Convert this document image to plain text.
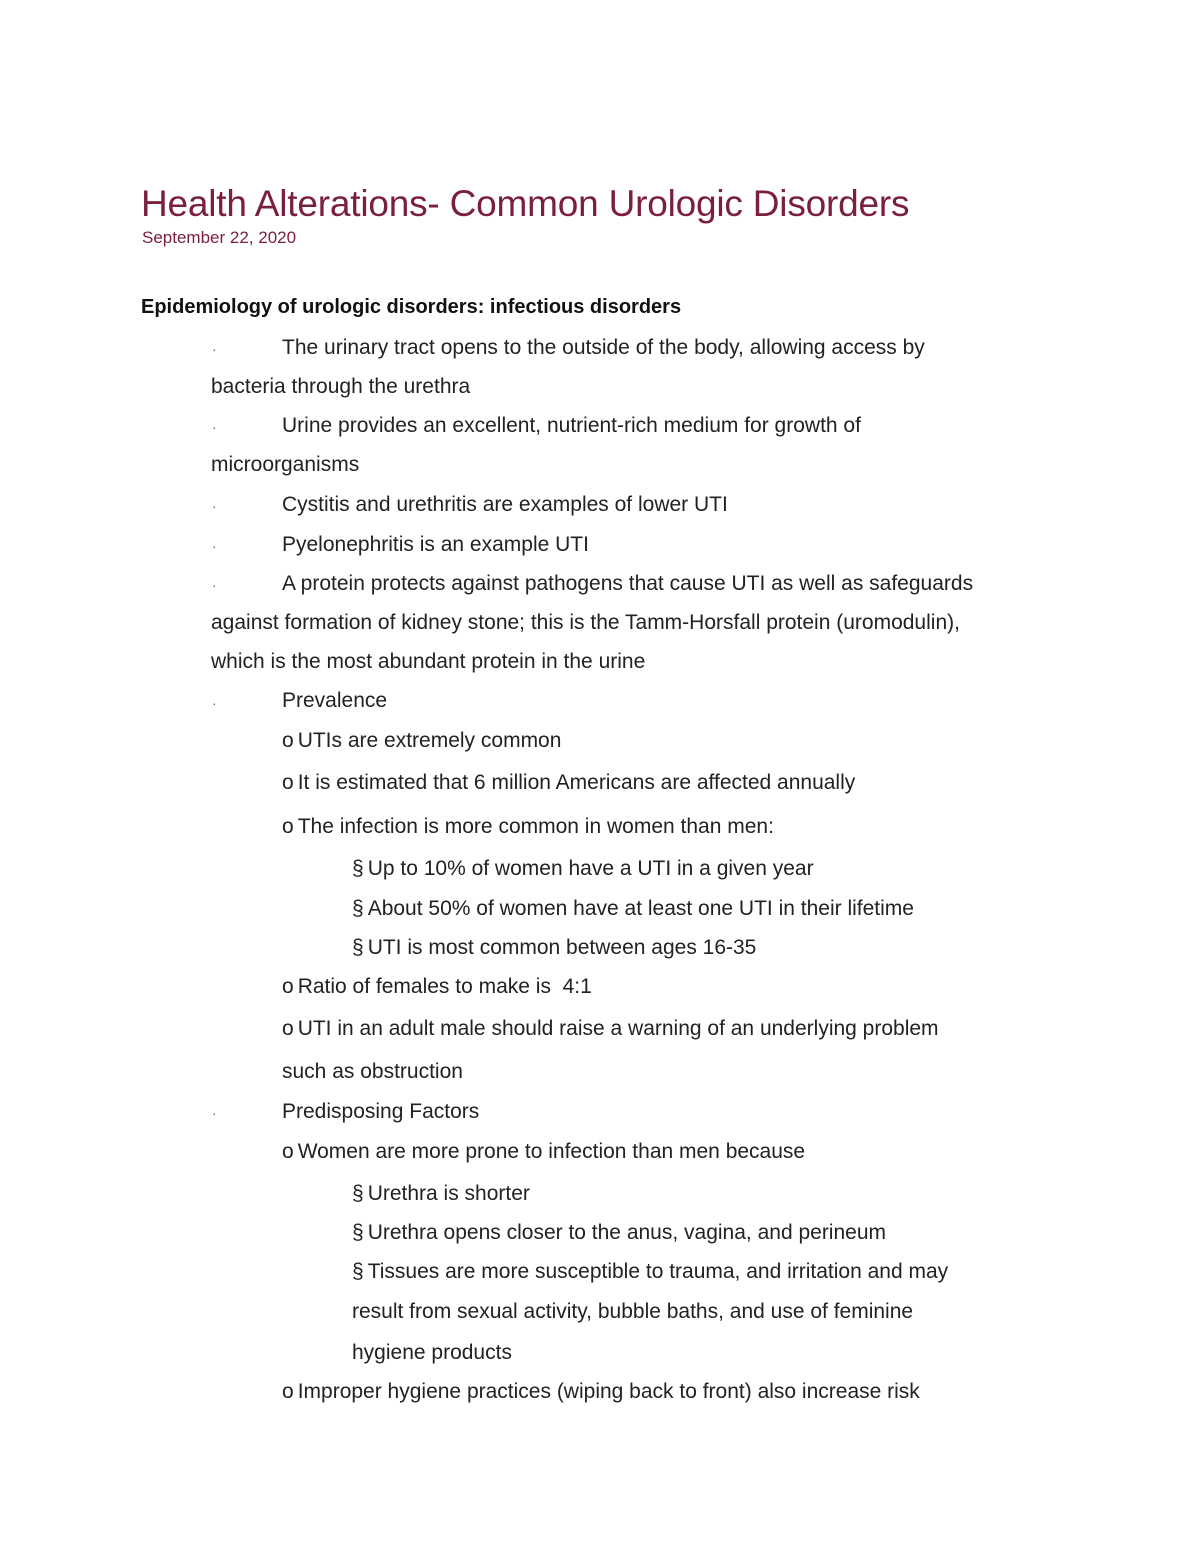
Health Alterations- Common Urologic Disorders
September 22, 2020
Epidemiology of urologic disorders: infectious disorders
·	The urinary tract opens to the outside of the body, allowing access by
bacteria through the urethra
·	Urine provides an excellent, nutrient-rich medium for growth of
microorganisms
·	Cystitis and urethritis are examples of lower UTI
·	Pyelonephritis is an example UTI
·	A protein protects against pathogens that cause UTI as well as safeguards
against formation of kidney stone; this is the Tamm-Horsfall protein (uromodulin),
which is the most abundant protein in the urine
·	Prevalence
o UTIs are extremely common
o It is estimated that 6 million Americans are affected annually
o The infection is more common in women than men:
§ Up to 10% of women have a UTI in a given year
§ About 50% of women have at least one UTI in their lifetime
§ UTI is most common between ages 16-35
o Ratio of females to make is  4:1
o UTI in an adult male should raise a warning of an underlying problem
such as obstruction
·	Predisposing Factors
o Women are more prone to infection than men because
§ Urethra is shorter
§ Urethra opens closer to the anus, vagina, and perineum
§ Tissues are more susceptible to trauma, and irritation and may
result from sexual activity, bubble baths, and use of feminine
hygiene products
o Improper hygiene practices (wiping back to front) also increase risk
